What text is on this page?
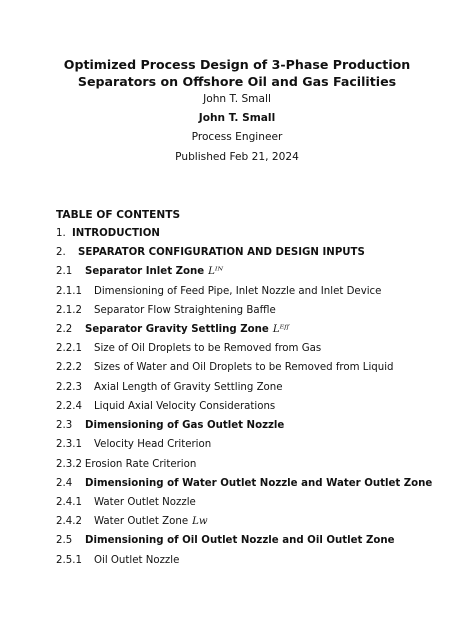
Optimized Process Design of 3-Phase Production Separators on Offshore Oil and Gas Facilities
John T. Small
John T. Small
Process Engineer
Published Feb 21, 2024
TABLE OF CONTENTS
1. INTRODUCTION
2. SEPARATOR CONFIGURATION AND DESIGN INPUTS
2.1 Separator Inlet Zone Lᴵᴺ
2.1.1 Dimensioning of Feed Pipe, Inlet Nozzle and Inlet Device
2.1.2 Separator Flow Straightening Baffle
2.2 Separator Gravity Settling Zone Lᴱᶠᶠ
2.2.1 Size of Oil Droplets to be Removed from Gas
2.2.2 Sizes of Water and Oil Droplets to be Removed from Liquid
2.2.3 Axial Length of Gravity Settling Zone
2.2.4 Liquid Axial Velocity Considerations
2.3 Dimensioning of Gas Outlet Nozzle
2.3.1 Velocity Head Criterion
2.3.2 Erosion Rate Criterion
2.4 Dimensioning of Water Outlet Nozzle and Water Outlet Zone
2.4.1 Water Outlet Nozzle
2.4.2 Water Outlet Zone Lw
2.5 Dimensioning of Oil Outlet Nozzle and Oil Outlet Zone
2.5.1 Oil Outlet Nozzle
